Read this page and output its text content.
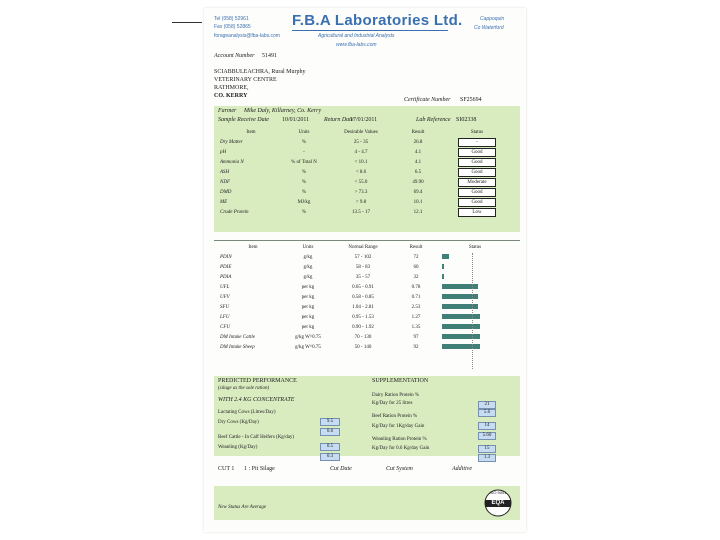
Tel (058) 52961
Fax (058) 52865
forageanalysis@fba-labs.com
F.B.A Laboratories Ltd.
Agricultural and Industrial Analysts
www.fba-labs.com
Cappoquin
Co Waterford
Account Number 51491
SCIABBULEACHRA, Rural Murphy
VETERINARY CENTRE
RATHMORE,
CO. KERRY
Certificate Number SF25694
Farmer Mike Daly, Killarney, Co. Kerry
Sample Receive Date 10/01/2011 Return Date
17/01/2011	Lab Reference SI02338
Item	Units	Desirable Values	Result	Status
Dry Matter	%	25 - 35	26.8	-
pH	-	4 - 4.7	4.1	Good
Ammonia N	% of Total N	< 10.1	4.1	Good
ASH	%	< 8.6	6.5	Good
NDF	%	< 55.0	49.90	Moderate
DMD	%	> 73.3	69.4	Good
ME	MJ/kg	> 9.8	10.1	Good
Crude Protein	%	13.5 - 17	12.1	Low
Item	Units	Normal Range	Result	Status
PDIN	g/kg	57 - 102	72	
PDIE	g/kg	58 - 83	60	
PDIA	g/kg	35 - 57	32	
UFL	per kg	0.65 - 0.91	0.78	
UFV	per kg	0.58 - 0.85	0.71	
SFU	per kg	1.04 - 2.81	2.53	
LFU	per kg	0.95 - 1.53	1.27	
CFU	per kg	0.90 - 1.92	1.35	
DM Intake Cattle	g/kg W^0.75	70 - 130	97	
DM Intake Sheep	g/kg W^0.75	50 - 140	92	
PREDICTED PERFORMANCE
(silage as the sole ration)
WITH 2.4 KG CONCENTRATE
Lactating Cows (Litres/Day)
9.5
Dry Cows (Kg/Day)
0.6
Beef Cattle - In Calf Heifers (Kg/day)
0.5
Weanling (Kg/Day)
0.3
SUPPLEMENTATION
Dairy Ration Protein %
21
Kg/Day for 25 litres
5.6
Beef Ration Protein %
14
Kg/Day for 1Kg/day Gain
5.60
Weanling Ration Protein %
15
Kg/Day for 0.6 Kg/day Gain
1.3
CUT 1 1 : Pit Silage	Cut Date	Cut System	Additive
New Status Are Average
ISO 9001
EQA
